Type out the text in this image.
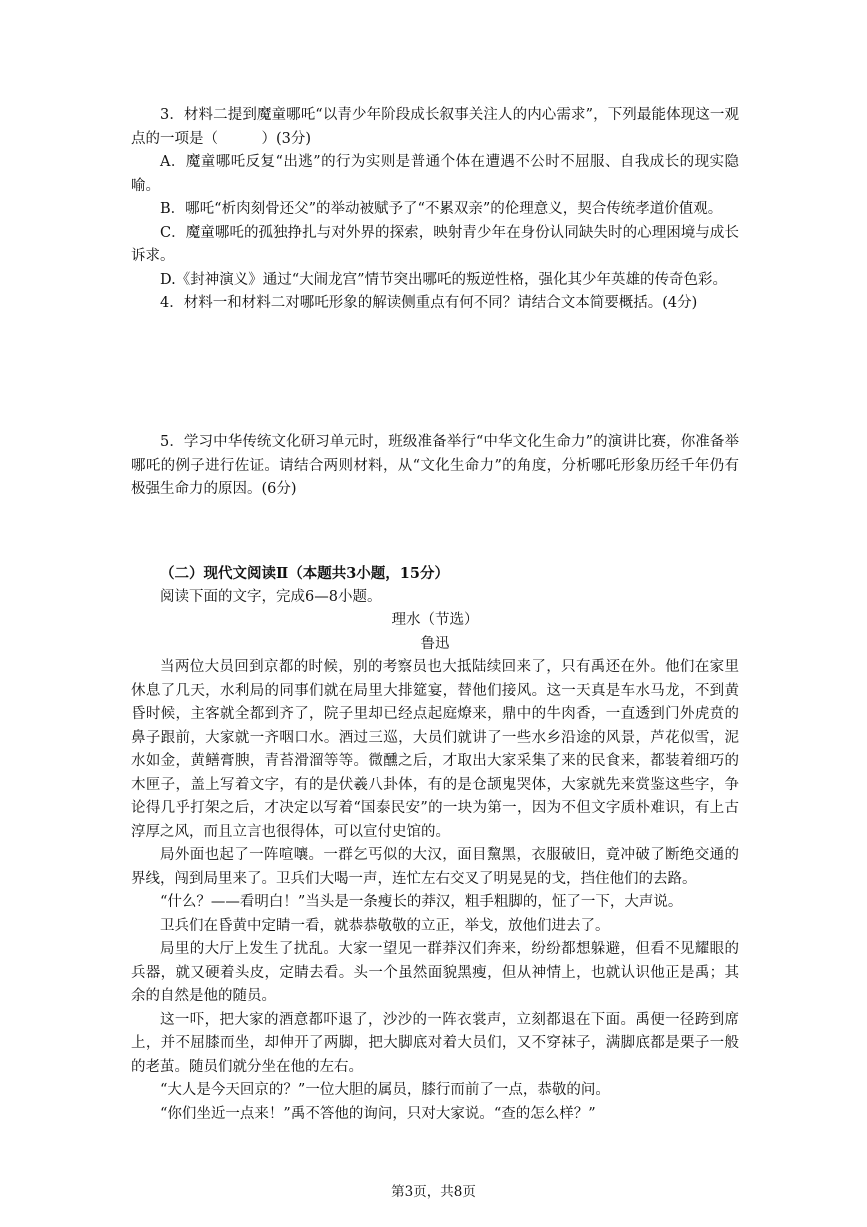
3．材料二提到魔童哪吒“以青少年阶段成长叙事关注人的内心需求”，下列最能体现这一观点的一项是（　　　）(3分)

A．魔童哪吒反复“出逃”的行为实则是普通个体在遭遇不公时不屈服、自我成长的现实隐喻。

B．哪吒“析肉刻骨还父”的举动被赋予了“不累双亲”的伦理意义，契合传统孝道价值观。

C．魔童哪吒的孤独挣扎与对外界的探索，映射青少年在身份认同缺失时的心理困境与成长诉求。

D.《封神演义》通过“大闹龙宫”情节突出哪吒的叛逆性格，强化其少年英雄的传奇色彩。

4．材料一和材料二对哪吒形象的解读侧重点有何不同？请结合文本简要概括。(4分)

5．学习中华传统文化研习单元时，班级准备举行“中华文化生命力”的演讲比赛，你准备举哪吒的例子进行佐证。请结合两则材料，从“文化生命力”的角度，分析哪吒形象历经千年仍有极强生命力的原因。(6分)

（二）现代文阅读Ⅱ（本题共3小题，15分）

阅读下面的文字，完成6—8小题。

理水（节选）

鲁迅

当两位大员回到京都的时候，别的考察员也大抵陆续回来了，只有禹还在外。他们在家里休息了几天，水利局的同事们就在局里大排筵宴，替他们接风。这一天真是车水马龙，不到黄昏时候，主客就全都到齐了，院子里却已经点起庭燎来，鼎中的牛肉香，一直透到门外虎贲的鼻子跟前，大家就一齐咽口水。酒过三巡，大员们就讲了一些水乡沿途的风景，芦花似雪，泥水如金，黄鳝膏腴，青苔滑溜等等。微醺之后，才取出大家采集了来的民食来，都装着细巧的木匣子，盖上写着文字，有的是伏羲八卦体，有的是仓颉鬼哭体，大家就先来赏鉴这些字，争论得几乎打架之后，才决定以写着“国泰民安”的一块为第一，因为不但文字质朴难识，有上古淳厚之风，而且立言也很得体，可以宣付史馆的。

局外面也起了一阵喧嚷。一群乞丐似的大汉，面目黧黑，衣服破旧，竟冲破了断绝交通的界线，闯到局里来了。卫兵们大喝一声，连忙左右交叉了明晃晃的戈，挡住他们的去路。

“什么？——看明白！”当头是一条瘦长的莽汉，粗手粗脚的，怔了一下，大声说。

卫兵们在昏黄中定睛一看，就恭恭敬敬的立正，举戈，放他们进去了。

局里的大厅上发生了扰乱。大家一望见一群莽汉们奔来，纷纷都想躲避，但看不见耀眼的兵器，就又硬着头皮，定睛去看。头一个虽然面貌黑瘦，但从神情上，也就认识他正是禹；其余的自然是他的随员。

这一吓，把大家的酒意都吓退了，沙沙的一阵衣裳声，立刻都退在下面。禹便一径跨到席上，并不屈膝而坐，却伸开了两脚，把大脚底对着大员们，又不穿袜子，满脚底都是栗子一般的老茧。随员们就分坐在他的左右。

“大人是今天回京的？”一位大胆的属员，膝行而前了一点，恭敬的问。

“你们坐近一点来！”禹不答他的询问，只对大家说。“查的怎么样？”

第3页，共8页
